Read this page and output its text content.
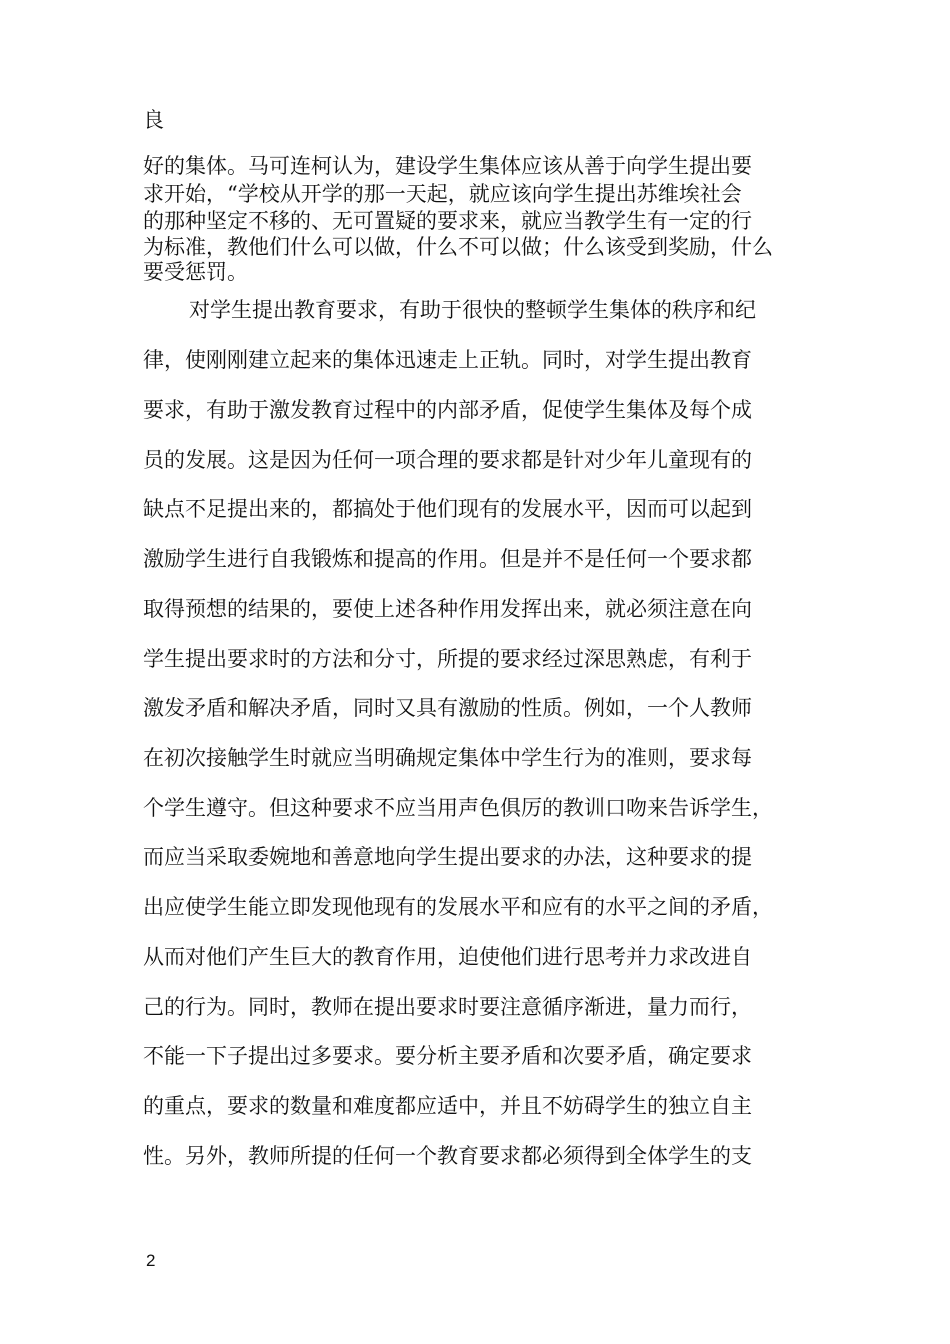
良
好的集体。马可连柯认为，建设学生集体应该从善于向学生提出要
求开始，“学校从开学的那一天起，就应该向学生提出苏维埃社会
的那种坚定不移的、无可置疑的要求来，就应当教学生有一定的行
为标准，教他们什么可以做，什么不可以做；什么该受到奖励，什么
要受惩罚。
对学生提出教育要求，有助于很快的整顿学生集体的秩序和纪
律，使刚刚建立起来的集体迅速走上正轨。同时，对学生提出教育
要求，有助于激发教育过程中的内部矛盾，促使学生集体及每个成
员的发展。这是因为任何一项合理的要求都是针对少年儿童现有的
缺点不足提出来的，都搞处于他们现有的发展水平，因而可以起到
激励学生进行自我锻炼和提高的作用。但是并不是任何一个要求都
取得预想的结果的，要使上述各种作用发挥出来，就必须注意在向
学生提出要求时的方法和分寸，所提的要求经过深思熟虑，有利于
激发矛盾和解决矛盾，同时又具有激励的性质。例如，一个人教师
在初次接触学生时就应当明确规定集体中学生行为的准则，要求每
个学生遵守。但这种要求不应当用声色俱厉的教训口吻来告诉学生，
而应当采取委婉地和善意地向学生提出要求的办法，这种要求的提
出应使学生能立即发现他现有的发展水平和应有的水平之间的矛盾，
从而对他们产生巨大的教育作用，迫使他们进行思考并力求改进自
己的行为。同时，教师在提出要求时要注意循序渐进，量力而行，
不能一下子提出过多要求。要分析主要矛盾和次要矛盾，确定要求
的重点，要求的数量和难度都应适中，并且不妨碍学生的独立自主
性。另外，教师所提的任何一个教育要求都必须得到全体学生的支
2
